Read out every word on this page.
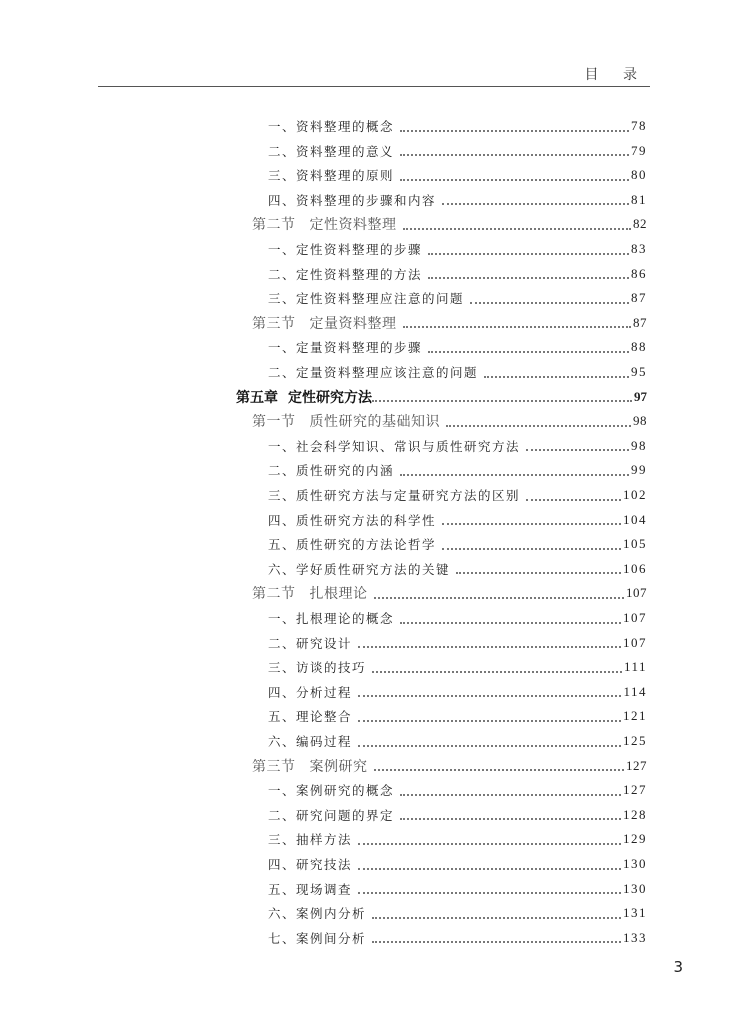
目 录
一、资料整理的概念	78
二、资料整理的意义	79
三、资料整理的原则	80
四、资料整理的步骤和内容	81
第二节 定性资料整理	82
一、定性资料整理的步骤	83
二、定性资料整理的方法	86
三、定性资料整理应注意的问题	87
第三节 定量资料整理	87
一、定量资料整理的步骤	88
二、定量资料整理应该注意的问题	95
第五章 定性研究方法	97
第一节 质性研究的基础知识	98
一、社会科学知识、常识与质性研究方法	98
二、质性研究的内涵	99
三、质性研究方法与定量研究方法的区别	102
四、质性研究方法的科学性	104
五、质性研究的方法论哲学	105
六、学好质性研究方法的关键	106
第二节 扎根理论	107
一、扎根理论的概念	107
二、研究设计	107
三、访谈的技巧	111
四、分析过程	114
五、理论整合	121
六、编码过程	125
第三节 案例研究	127
一、案例研究的概念	127
二、研究问题的界定	128
三、抽样方法	129
四、研究技法	130
五、现场调查	130
六、案例内分析	131
七、案例间分析	133
3
